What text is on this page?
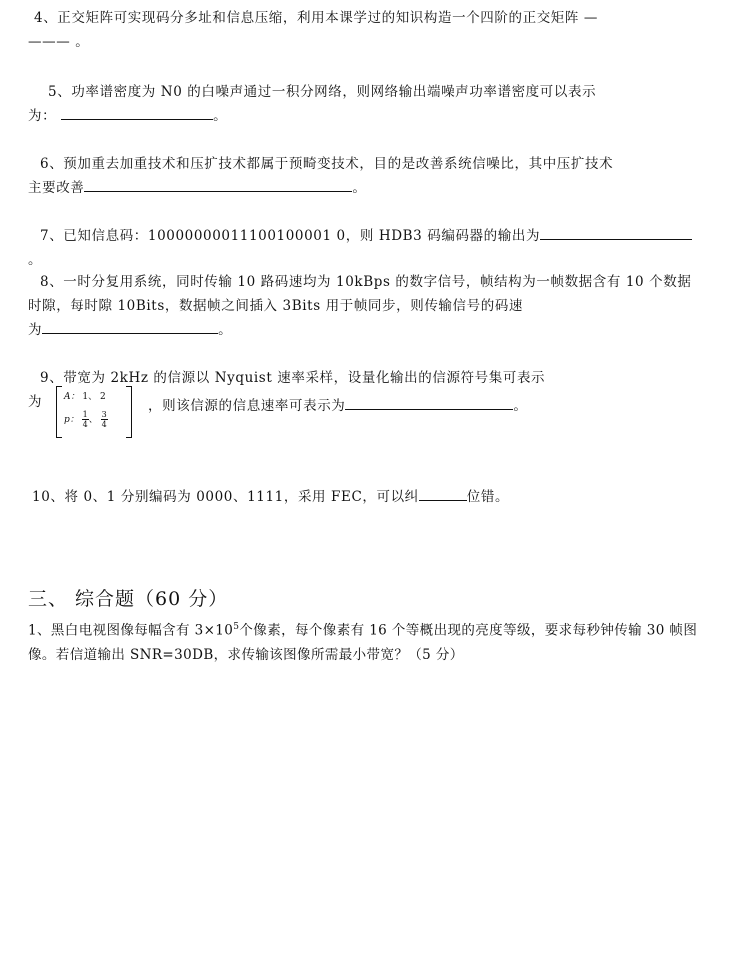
4、正交矩阵可实现码分多址和信息压缩，利用本课学过的知识构造一个四阶的正交矩阵 —
——— 。
5、功率谱密度为 N0 的白噪声通过一积分网络，则网络输出端噪声功率谱密度可以表示
为：	。
6、预加重去加重技术和压扩技术都属于预畸变技术，目的是改善系统信噪比，其中压扩技术
主要改善	。
7、已知信息码：10000000011100100001 0，则 HDB3 码编码器的输出为。
8、一时分复用系统，同时传输 10 路码速均为 10kBps 的数字信号，帧结构为一帧数据含有 10 个数据时隙，每时隙 10Bits，数据帧之间插入 3Bits 用于帧同步，则传输信号的码速
为	。
9、带宽为 2kHz 的信源以 Nyquist 速率采样，设量化输出的信源符号集可表示
为	A： 1、 2
p： $\frac{1}{4}$ 、 $\frac{3}{4}$
，则该信源的信息速率可表示为	。
10、将 0、1 分别编码为 0000、1111，采用 FEC，可以纠	位错。
三、 综合题（60 分）
1、黑白电视图像每幅含有 $3\times 10^5$个像素，每个像素有 16 个等概出现的亮度等级，要求每秒钟传输 30 帧图像。若信道输出 SNR=30DB，求传输该图像所需最小带宽？（5 分）
